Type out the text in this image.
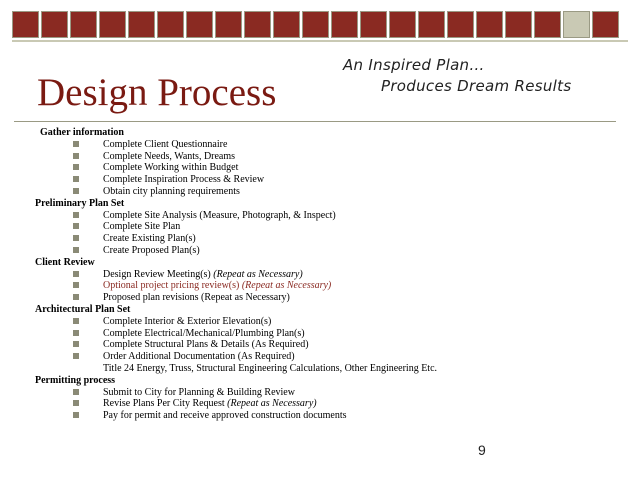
An Inspired Plan…
Produces Dream Results
Design Process
Gather information
Complete Client Questionnaire
Complete Needs, Wants, Dreams
Complete Working within Budget
Complete Inspiration Process & Review
Obtain city planning requirements
Preliminary Plan Set
Complete Site Analysis (Measure, Photograph, & Inspect)
Complete Site Plan
Create Existing Plan(s)
Create Proposed Plan(s)
Client Review
Design Review Meeting(s) (Repeat as Necessary)
Optional project pricing review(s) (Repeat as Necessary)
Proposed plan revisions (Repeat as Necessary)
Architectural Plan Set
Complete Interior & Exterior Elevation(s)
Complete Electrical/Mechanical/Plumbing Plan(s)
Complete Structural Plans & Details (As Required)
Order Additional Documentation (As Required)
Title 24 Energy, Truss, Structural Engineering Calculations, Other Engineering Etc.
Permitting process
Submit to City for Planning & Building Review
Revise Plans Per City Request (Repeat as Necessary)
Pay for permit and receive approved construction documents
9
